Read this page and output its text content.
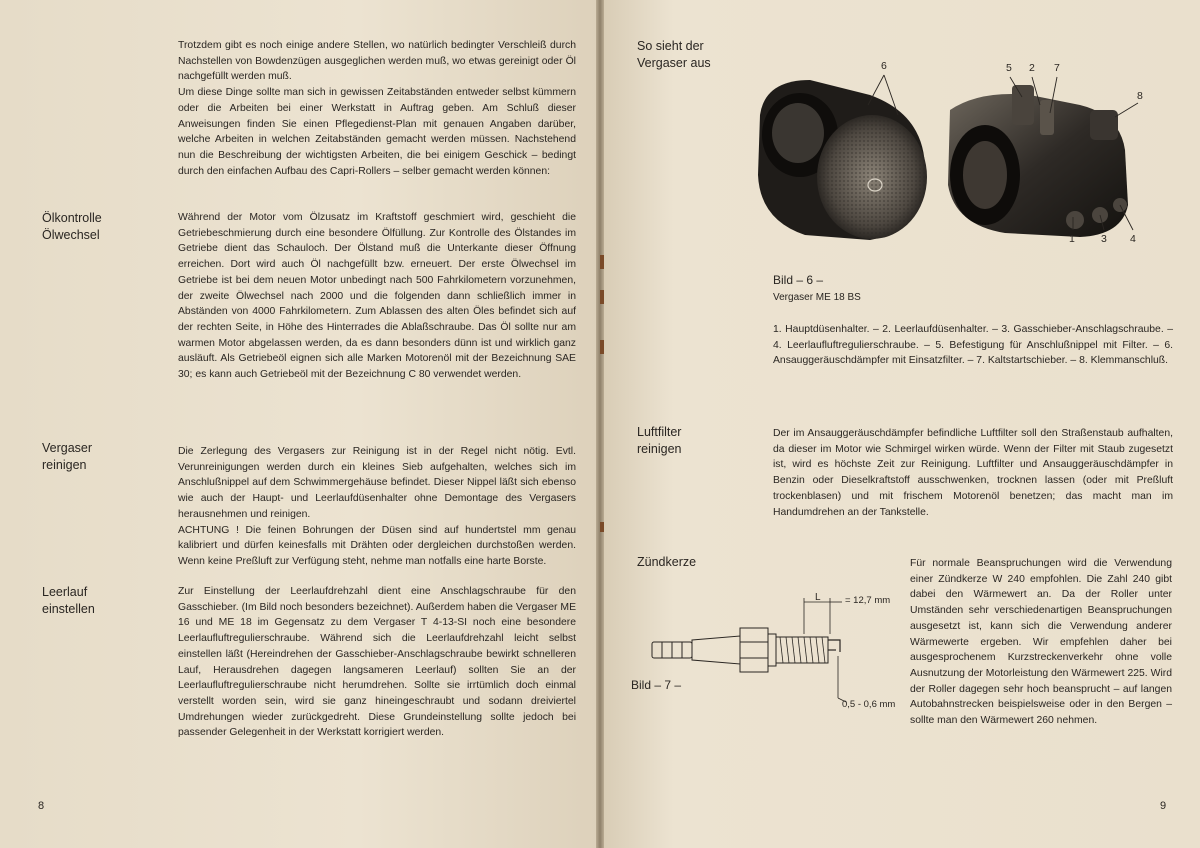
Trotzdem gibt es noch einige andere Stellen, wo natürlich bedingter Verschleiß durch Nachstellen von Bowdenzügen ausgeglichen werden muß, wo etwas gereinigt oder Öl nachgefüllt werden muß.

Um diese Dinge sollte man sich in gewissen Zeitabständen entweder selbst kümmern oder die Arbeiten bei einer Werkstatt in Auftrag geben. Am Schluß dieser Anweisungen finden Sie einen Pflegedienst-Plan mit genauen Angaben darüber, welche Arbeiten in welchen Zeitabständen gemacht werden müssen. Nachstehend nun die Beschreibung der wichtigsten Arbeiten, die bei einigem Geschick – bedingt durch den einfachen Aufbau des Capri-Rollers – selber gemacht werden können:

Ölkontrolle
Ölwechsel

Während der Motor vom Ölzusatz im Kraftstoff geschmiert wird, geschieht die Getriebeschmierung durch eine besondere Ölfüllung. Zur Kontrolle des Ölstandes im Getriebe dient das Schauloch. Der Ölstand muß die Unterkante dieser Öffnung erreichen. Dort wird auch Öl nachgefüllt bzw. erneuert. Der erste Ölwechsel im Getriebe ist bei dem neuen Motor unbedingt nach 500 Fahrkilometern vorzunehmen, der zweite Ölwechsel nach 2000 und die folgenden dann schließlich immer in Abständen von 4000 Fahrkilometern. Zum Ablassen des alten Öles befindet sich auf der rechten Seite, in Höhe des Hinterrades die Ablaßschraube. Das Öl sollte nur am warmen Motor abgelassen werden, da es dann besonders dünn ist und wirklich ganz ausläuft. Als Getriebeöl eignen sich alle Marken Motorenöl mit der Bezeichnung SAE 30; es kann auch Getriebeöl mit der Bezeichnung C 80 verwendet werden.

Vergaser
reinigen

Die Zerlegung des Vergasers zur Reinigung ist in der Regel nicht nötig. Evtl. Verunreinigungen werden durch ein kleines Sieb aufgehalten, welches sich im Anschlußnippel auf dem Schwimmergehäuse befindet. Dieser Nippel läßt sich ebenso wie auch der Haupt- und Leerlaufdüsenhalter ohne Demontage des Vergasers herausnehmen und reinigen.

ACHTUNG ! Die feinen Bohrungen der Düsen sind auf hundertstel mm genau kalibriert und dürfen keinesfalls mit Drähten oder dergleichen durchstoßen werden. Wenn keine Preßluft zur Verfügung steht, nehme man notfalls eine harte Borste.

Leerlauf
einstellen

Zur Einstellung der Leerlaufdrehzahl dient eine Anschlagschraube für den Gasschieber. (Im Bild noch besonders bezeichnet). Außerdem haben die Vergaser ME 16 und ME 18 im Gegensatz zu dem Vergaser T 4-13-SI noch eine besondere Leerlaufluftregulierschraube. Während sich die Leerlaufdrehzahl leicht selbst einstellen läßt (Hereindrehen der Gasschieber-Anschlagschraube bewirkt schnelleren Lauf, Herausdrehen dagegen langsameren Leerlauf) sollten Sie an der Leerlaufluftregulierschraube nicht herumdrehen. Sollte sie irrtümlich doch einmal verstellt worden sein, wird sie ganz hineingeschraubt und sodann dreiviertel Umdrehungen wieder zurückgedreht. Diese Grundeinstellung sollte jedoch bei passender Gelegenheit in der Werkstatt korrigiert werden.

8
So sieht der
Vergaser aus	6	5 2 7
8
1 3 4
Bild – 6 –
Vergaser ME 18 BS

1. Hauptdüsenhalter. – 2. Leerlaufdüsenhalter. – 3. Gasschieber-Anschlagschraube. – 4. Leerlaufluftregulierschraube. – 5. Befestigung für Anschlußnippel mit Filter. – 6. Ansauggeräuschdämpfer mit Einsatzfilter. – 7. Kaltstartschieber. – 8. Klemmanschluß.

Luftfilter
reinigen

Der im Ansauggeräuschdämpfer befindliche Luftfilter soll den Straßenstaub aufhalten, da dieser im Motor wie Schmirgel wirken würde. Wenn der Filter mit Staub zugesetzt ist, wird es höchste Zeit zur Reinigung. Luftfilter und Ansauggeräuschdämpfer in Benzin oder Dieselkraftstoff ausschwenken, trocknen lassen (oder mit Preßluft trockenblasen) und mit frischem Motorenöl benetzen; das macht man im Handumdrehen an der Tankstelle.

Zündkerze
L	= 12,7 mm
0,5 - 0,6 mm
Bild – 7 –

Für normale Beanspruchungen wird die Verwendung einer Zündkerze W 240 empfohlen. Die Zahl 240 gibt dabei den Wärmewert an. Da der Roller unter Umständen sehr verschiedenartigen Beanspruchungen ausgesetzt ist, kann sich die Verwendung anderer Wärmewerte ergeben. Wir empfehlen daher bei ausgesprochenem Kurzstreckenverkehr ohne volle Ausnutzung der Motorleistung den Wärmewert 225. Wird der Roller dagegen sehr hoch beansprucht – auf langen Autobahnstrecken beispielsweise oder in den Bergen – sollte man den Wärmewert 260 nehmen.

9
